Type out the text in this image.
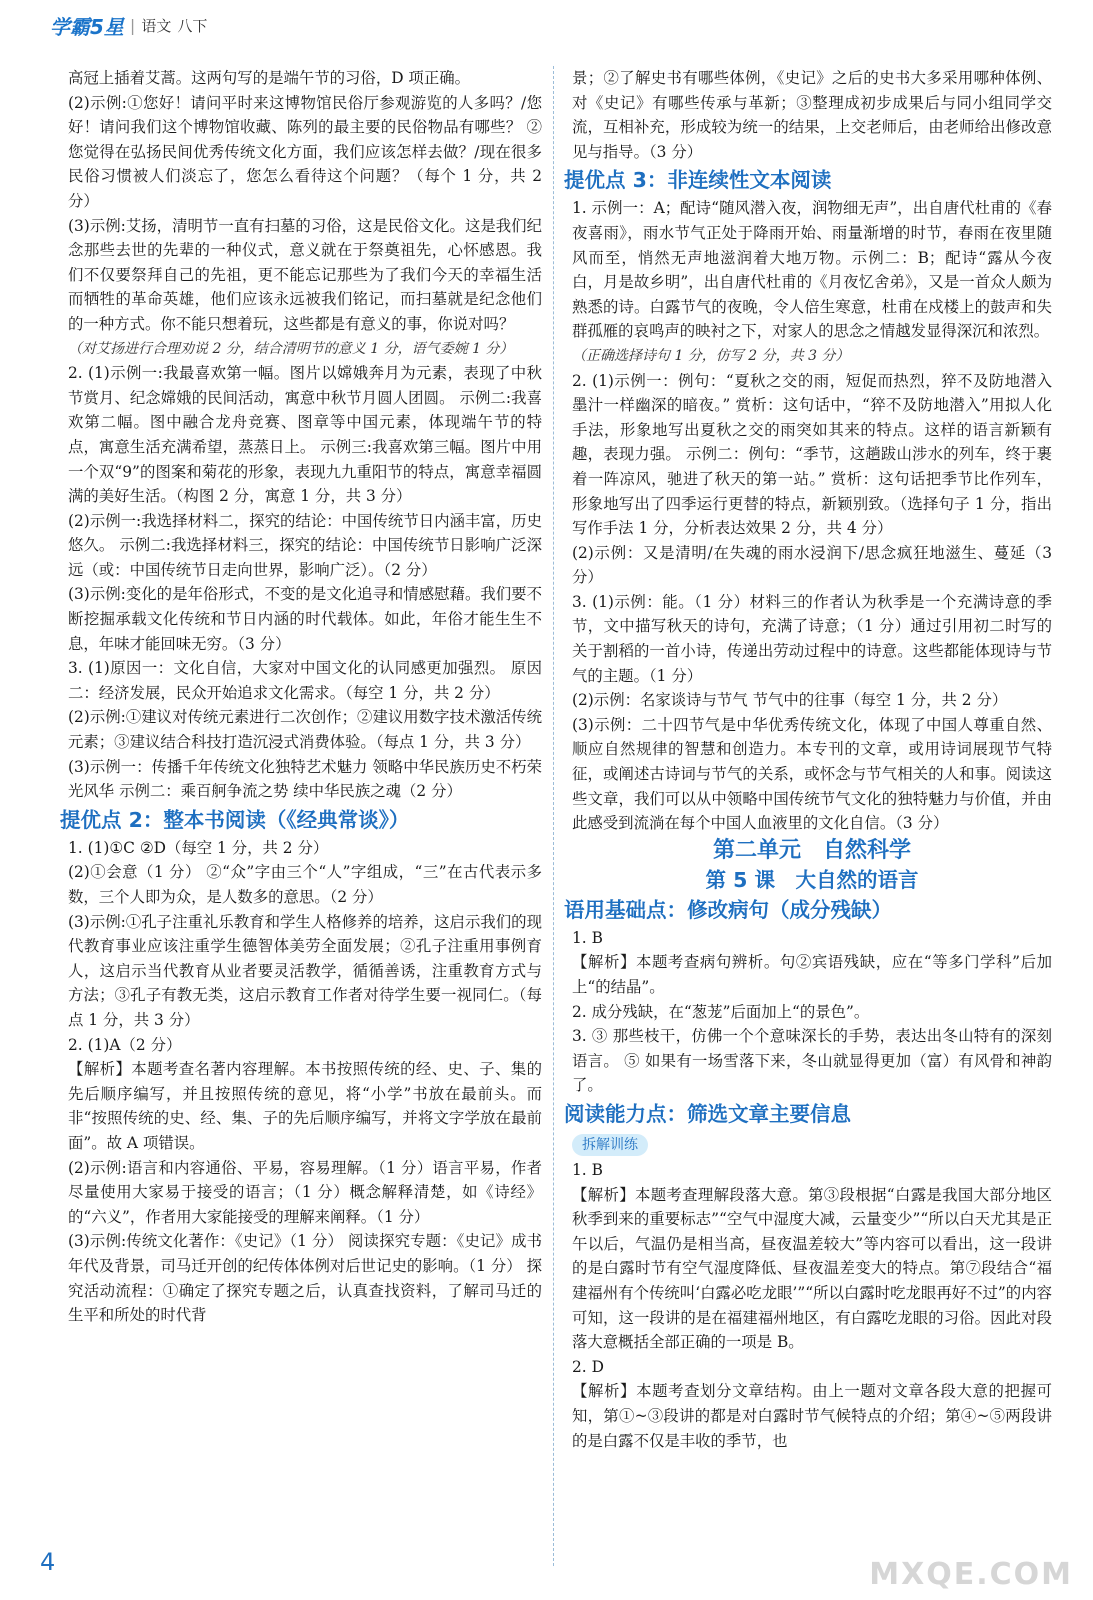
学霸5星 | 语文 八下
高冠上插着艾蒿。这两句写的是端午节的习俗，D 项正确。
(2)示例:①您好！请问平时来这博物馆民俗厅参观游览的人多吗？/您好！请问我们这个博物馆收藏、陈列的最主要的民俗物品有哪些？ ②您觉得在弘扬民间优秀传统文化方面，我们应该怎样去做？/现在很多民俗习惯被人们淡忘了，您怎么看待这个问题？（每个 1 分，共 2 分）
(3)示例:艾扬，清明节一直有扫墓的习俗，这是民俗文化。这是我们纪念那些去世的先辈的一种仪式，意义就在于祭奠祖先，心怀感恩。我们不仅要祭拜自己的先祖，更不能忘记那些为了我们今天的幸福生活而牺牲的革命英雄，他们应该永远被我们铭记，而扫墓就是纪念他们的一种方式。你不能只想着玩，这些都是有意义的事，你说对吗？
（对艾扬进行合理劝说 2 分，结合清明节的意义 1 分，语气委婉 1 分）
2. (1)示例一:我最喜欢第一幅。图片以嫦娥奔月为元素，表现了中秋节赏月、纪念嫦娥的民间活动，寓意中秋节月圆人团圆。 示例二:我喜欢第二幅。图中融合龙舟竞赛、图章等中国元素，体现端午节的特点，寓意生活充满希望，蒸蒸日上。 示例三:我喜欢第三幅。图片中用一个双“9”的图案和菊花的形象，表现九九重阳节的特点，寓意幸福圆满的美好生活。（构图 2 分，寓意 1 分，共 3 分）
(2)示例一:我选择材料二，探究的结论：中国传统节日内涵丰富，历史悠久。 示例二:我选择材料三，探究的结论：中国传统节日影响广泛深远（或：中国传统节日走向世界，影响广泛）。（2 分）
(3)示例:变化的是年俗形式，不变的是文化追寻和情感慰藉。我们要不断挖掘承载文化传统和节日内涵的时代载体。如此，年俗才能生生不息，年味才能回味无穷。（3 分）
3. (1)原因一：文化自信，大家对中国文化的认同感更加强烈。 原因二：经济发展，民众开始追求文化需求。（每空 1 分，共 2 分）
(2)示例:①建议对传统元素进行二次创作；②建议用数字技术激活传统元素；③建议结合科技打造沉浸式消费体验。（每点 1 分，共 3 分）
(3)示例一：传播千年传统文化独特艺术魅力 领略中华民族历史不朽荣光风华 示例二：乘百舸争流之势 续中华民族之魂（2 分）
提优点 2：整本书阅读（《经典常谈》）
1. (1)①C ②D（每空 1 分，共 2 分）
(2)①会意（1 分） ②“众”字由三个“人”字组成，“三”在古代表示多数，三个人即为众，是人数多的意思。（2 分）
(3)示例:①孔子注重礼乐教育和学生人格修养的培养，这启示我们的现代教育事业应该注重学生德智体美劳全面发展；②孔子注重用事例育人，这启示当代教育从业者要灵活教学，循循善诱，注重教育方式与方法；③孔子有教无类，这启示教育工作者对待学生要一视同仁。（每点 1 分，共 3 分）
2. (1)A（2 分）
【解析】本题考查名著内容理解。本书按照传统的经、史、子、集的先后顺序编写，并且按照传统的意见，将“小学”书放在最前头。而非“按照传统的史、经、集、子的先后顺序编写，并将文字学放在最前面”。故 A 项错误。
(2)示例:语言和内容通俗、平易，容易理解。（1 分）语言平易，作者尽量使用大家易于接受的语言；（1 分）概念解释清楚，如《诗经》的“六义”，作者用大家能接受的理解来阐释。（1 分）
(3)示例:传统文化著作：《史记》（1 分） 阅读探究专题：《史记》成书年代及背景，司马迁开创的纪传体体例对后世记史的影响。（1 分） 探究活动流程：①确定了探究专题之后，认真查找资料，了解司马迁的生平和所处的时代背
景；②了解史书有哪些体例，《史记》之后的史书大多采用哪种体例、对《史记》有哪些传承与革新；③整理成初步成果后与同小组同学交流，互相补充，形成较为统一的结果，上交老师后，由老师给出修改意见与指导。（3 分）
提优点 3：非连续性文本阅读
1. 示例一：A；配诗“随风潜入夜，润物细无声”，出自唐代杜甫的《春夜喜雨》，雨水节气正处于降雨开始、雨量渐增的时节，春雨在夜里随风而至，悄然无声地滋润着大地万物。示例二：B；配诗“露从今夜白，月是故乡明”，出自唐代杜甫的《月夜忆舍弟》，又是一首众人颇为熟悉的诗。白露节气的夜晚，令人倍生寒意，杜甫在戍楼上的鼓声和失群孤雁的哀鸣声的映衬之下，对家人的思念之情越发显得深沉和浓烈。
（正确选择诗句 1 分，仿写 2 分，共 3 分）
2. (1)示例一：例句：“夏秋之交的雨，短促而热烈，猝不及防地潜入墨汁一样幽深的暗夜。” 赏析：这句话中，“猝不及防地潜入”用拟人化手法，形象地写出夏秋之交的雨突如其来的特点。这样的语言新颖有趣，表现力强。 示例二：例句：“季节，这趟跋山涉水的列车，终于裹着一阵凉风，驰进了秋天的第一站。” 赏析：这句话把季节比作列车，形象地写出了四季运行更替的特点，新颖别致。（选择句子 1 分，指出写作手法 1 分，分析表达效果 2 分，共 4 分）
(2)示例：又是清明/在失魂的雨水浸润下/思念疯狂地滋生、蔓延（3 分）
3. (1)示例：能。（1 分）材料三的作者认为秋季是一个充满诗意的季节，文中描写秋天的诗句，充满了诗意；（1 分）通过引用初二时写的关于割稻的一首小诗，传递出劳动过程中的诗意。这些都能体现诗与节气的主题。（1 分）
(2)示例：名家谈诗与节气 节气中的往事（每空 1 分，共 2 分）
(3)示例：二十四节气是中华优秀传统文化，体现了中国人尊重自然、顺应自然规律的智慧和创造力。本专刊的文章，或用诗词展现节气特征，或阐述古诗词与节气的关系，或怀念与节气相关的人和事。阅读这些文章，我们可以从中领略中国传统节气文化的独特魅力与价值，并由此感受到流淌在每个中国人血液里的文化自信。（3 分）
第二单元　自然科学
第 5 课　大自然的语言
语用基础点：修改病句（成分残缺）
1. B
【解析】本题考查病句辨析。句②宾语残缺，应在“等多门学科”后加上“的结晶”。
2. 成分残缺，在“葱茏”后面加上“的景色”。
3. ③ 那些枝干，仿佛一个个意味深长的手势，表达出冬山特有的深刻语言。 ⑤ 如果有一场雪落下来，冬山就显得更加（富）有风骨和神韵了。
阅读能力点：筛选文章主要信息
拆解训练
1. B
【解析】本题考查理解段落大意。第③段根据“白露是我国大部分地区秋季到来的重要标志”“空气中湿度大减，云量变少”“所以白天尤其是正午以后，气温仍是相当高，昼夜温差较大”等内容可以看出，这一段讲的是白露时节有空气湿度降低、昼夜温差变大的特点。第⑦段结合“福建福州有个传统叫‘白露必吃龙眼’”“所以白露时吃龙眼再好不过”的内容可知，这一段讲的是在福建福州地区，有白露吃龙眼的习俗。因此对段落大意概括全部正确的一项是 B。
2. D
【解析】本题考查划分文章结构。由上一题对文章各段大意的把握可知，第①~③段讲的都是对白露时节气候特点的介绍；第④~⑤两段讲的是白露不仅是丰收的季节，也
4	MXQE.COM
